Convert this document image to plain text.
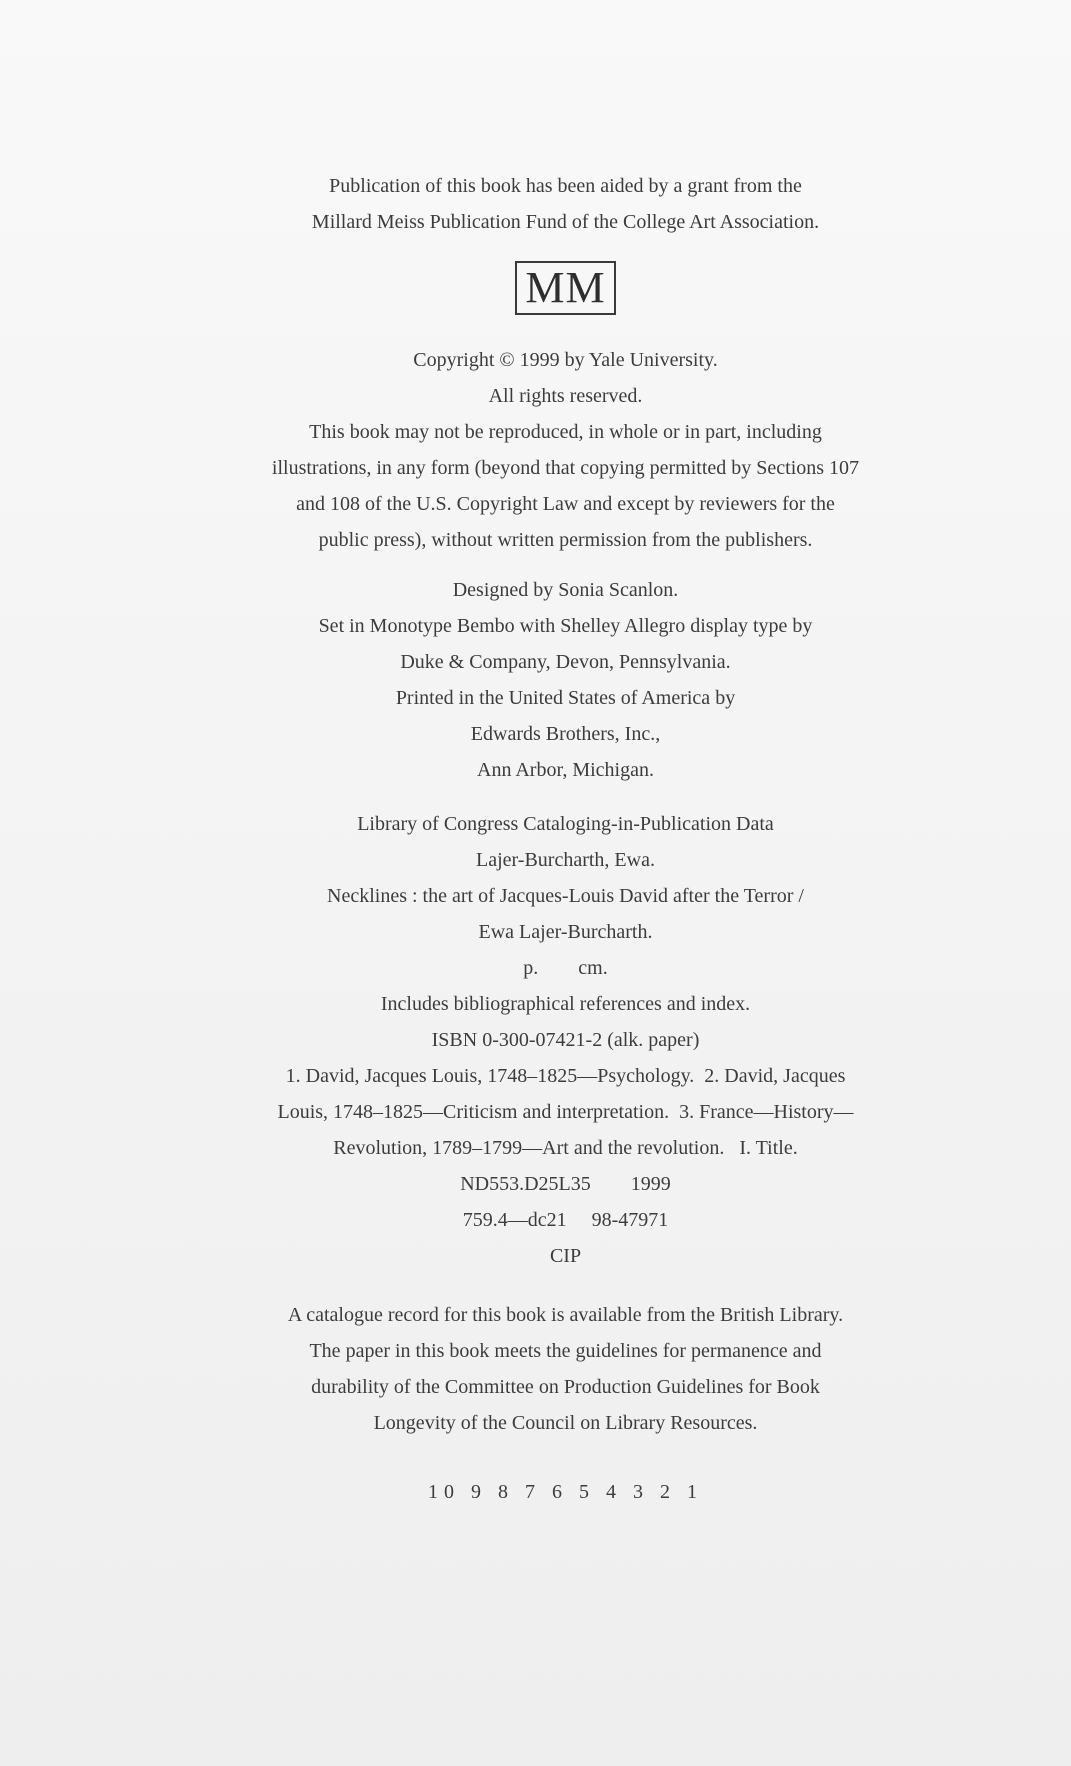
Publication of this book has been aided by a grant from the
Millard Meiss Publication Fund of the College Art Association.
MM
Copyright © 1999 by Yale University.
All rights reserved.
This book may not be reproduced, in whole or in part, including
illustrations, in any form (beyond that copying permitted by Sections 107
and 108 of the U.S. Copyright Law and except by reviewers for the
public press), without written permission from the publishers.
Designed by Sonia Scanlon.
Set in Monotype Bembo with Shelley Allegro display type by
Duke & Company, Devon, Pennsylvania.
Printed in the United States of America by
Edwards Brothers, Inc.,
Ann Arbor, Michigan.
Library of Congress Cataloging-in-Publication Data
Lajer-Burcharth, Ewa.
Necklines : the art of Jacques-Louis David after the Terror /
Ewa Lajer-Burcharth.
p.        cm.
Includes bibliographical references and index.
ISBN 0-300-07421-2 (alk. paper)
1. David, Jacques Louis, 1748–1825—Psychology.  2. David, Jacques
Louis, 1748–1825—Criticism and interpretation.  3. France—History—
Revolution, 1789–1799—Art and the revolution.   I. Title.
ND553.D25L35        1999
759.4—dc21     98-47971
CIP
A catalogue record for this book is available from the British Library.
The paper in this book meets the guidelines for permanence and
durability of the Committee on Production Guidelines for Book
Longevity of the Council on Library Resources.
10 9 8 7 6 5 4 3 2 1
